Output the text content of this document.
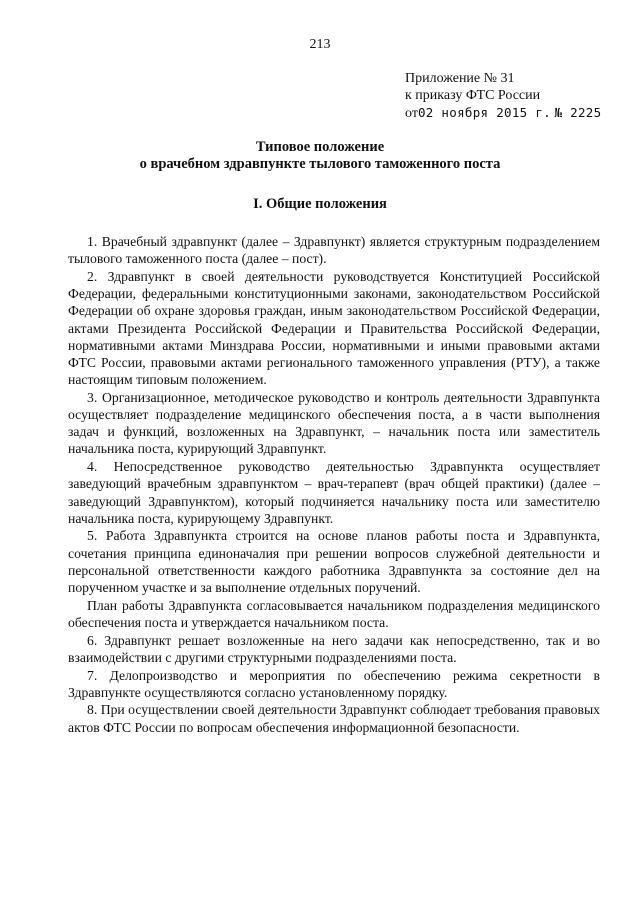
213
Приложение № 31
к приказу ФТС России
от02 ноября 2015 г. № 2225
Типовое положение
о врачебном здравпункте тылового таможенного поста
I. Общие положения

1. Врачебный здравпункт (далее – Здравпункт) является структурным подразделением тылового таможенного поста (далее – пост).

2. Здравпункт в своей деятельности руководствуется Конституцией Российской Федерации, федеральными конституционными законами, законодательством Российской Федерации об охране здоровья граждан, иным законодательством Российской Федерации, актами Президента Российской Федерации и Правительства Российской Федерации, нормативными актами Минздрава России, нормативными и иными правовыми актами ФТС России, правовыми актами регионального таможенного управления (РТУ), а также настоящим типовым положением.

3. Организационное, методическое руководство и контроль деятельности Здравпункта осуществляет подразделение медицинского обеспечения поста, а в части выполнения задач и функций, возложенных на Здравпункт, – начальник поста или заместитель начальника поста, курирующий Здравпункт.

4. Непосредственное руководство деятельностью Здравпункта осуществляет заведующий врачебным здравпунктом – врач-терапевт (врач общей практики) (далее – заведующий Здравпунктом), который подчиняется начальнику поста или заместителю начальника поста, курирующему Здравпункт.

5. Работа Здравпункта строится на основе планов работы поста и Здравпункта, сочетания принципа единоначалия при решении вопросов служебной деятельности и персональной ответственности каждого работника Здравпункта за состояние дел на порученном участке и за выполнение отдельных поручений.

План работы Здравпункта согласовывается начальником подразделения медицинского обеспечения поста и утверждается начальником поста.

6. Здравпункт решает возложенные на него задачи как непосредственно, так и во взаимодействии с другими структурными подразделениями поста.

7. Делопроизводство и мероприятия по обеспечению режима секретности в Здравпункте осуществляются согласно установленному порядку.

8. При осуществлении своей деятельности Здравпункт соблюдает требования правовых актов ФТС России по вопросам обеспечения информационной безопасности.
